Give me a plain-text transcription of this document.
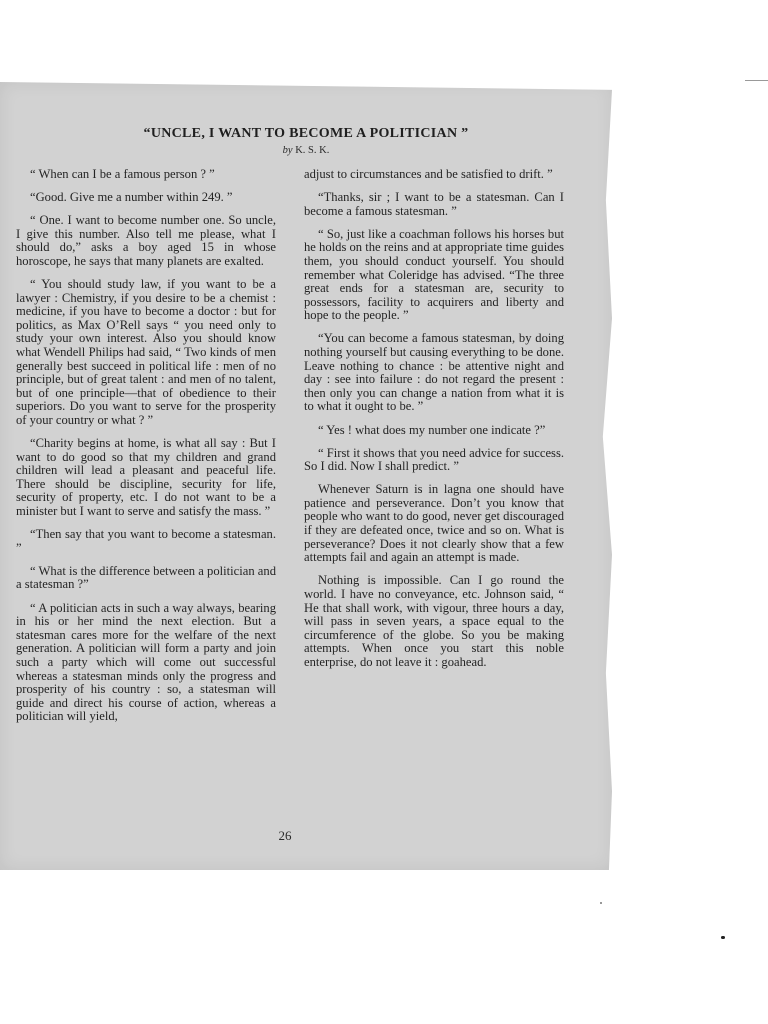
“UNCLE, I WANT TO BECOME A POLITICIAN ”
by K. S. K.

“ When can I be a famous person ? ”

“Good. Give me a number within 249. ”

“ One. I want to become number one. So uncle, I give this number. Also tell me please, what I should do,” asks a boy aged 15 in whose horoscope, he says that many planets are exalted.

“ You should study law, if you want to be a lawyer : Chemistry, if you desire to be a chemist : medicine, if you have to become a doctor : but for politics, as Max O’Rell says “ you need only to study your own interest. Also you should know what Wendell Philips had said, “ Two kinds of men generally best succeed in political life : men of no principle, but of great talent : and men of no talent, but of one principle—that of obedience to their superiors. Do you want to serve for the prosperity of your country or what ? ”

“Charity begins at home, is what all say : But I want to do good so that my children and grand children will lead a pleasant and peaceful life. There should be discipline, security for life, security of property, etc. I do not want to be a minister but I want to serve and satisfy the mass. ”

“Then say that you want to become a statesman. ”

“ What is the difference between a politician and a statesman ?”

“ A politician acts in such a way always, bearing in his or her mind the next election. But a statesman cares more for the welfare of the next generation. A politician will form a party and join such a party which will come out successful whereas a statesman minds only the progress and prosperity of his country : so, a statesman will guide and direct his course of action, whereas a politician will yield,

adjust to circumstances and be satisfied to drift. ”

“Thanks, sir ; I want to be a statesman. Can I become a famous statesman. ”

“ So, just like a coachman follows his horses but he holds on the reins and at appropriate time guides them, you should conduct yourself. You should remember what Coleridge has advised. “The three great ends for a statesman are, security to possessors, facility to acquirers and liberty and hope to the people. ”

“You can become a famous statesman, by doing nothing yourself but causing everything to be done. Leave nothing to chance : be attentive night and day : see into failure : do not regard the present : then only you can change a nation from what it is to what it ought to be. ”

“ Yes ! what does my number one indicate ?”

“ First it shows that you need advice for success. So I did. Now I shall predict. ”

Whenever Saturn is in lagna one should have patience and perseverance. Don’t you know that people who want to do good, never get discouraged if they are defeated once, twice and so on. What is perseverance? Does it not clearly show that a few attempts fail and again an attempt is made.

Nothing is impossible. Can I go round the world. I have no conveyance, etc. Johnson said, “ He that shall work, with vigour, three hours a day, will pass in seven years, a space equal to the circumference of the globe. So you be making attempts. When once you start this noble enterprise, do not leave it : goahead.

26
